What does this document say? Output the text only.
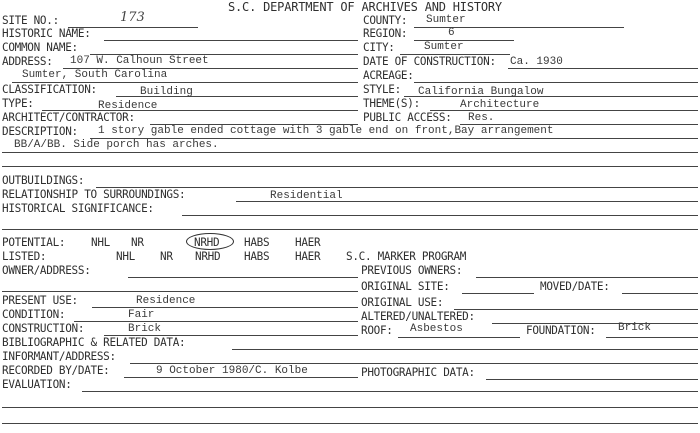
S.C. DEPARTMENT OF ARCHIVES AND HISTORY
SITE NO.:	173	COUNTY: Sumter
HISTORIC NAME:	REGION:	6
COMMON NAME:	CITY:	Sumter
ADDRESS: 107 W. Calhoun Street	DATE OF CONSTRUCTION: Ca. 1930
Sumter, South Carolina	ACREAGE:
CLASSIFICATION:	Building	STYLE: California Bungalow
TYPE:	Residence	THEME(S):	Architecture
ARCHITECT/CONTRACTOR:	PUBLIC ACCESS: Res.
DESCRIPTION: 1 story gable ended cottage with 3 gable end on front,Bay arrangement
BB/A/BB. Side porch has arches.
OUTBUILDINGS:
RELATIONSHIP TO SURROUNDINGS:	Residential
HISTORICAL SIGNIFICANCE:
POTENTIAL: NHL NR	NRHD HABS HAER
LISTED:	NHL NR NRHD HABS HAER S.C. MARKER PROGRAM
OWNER/ADDRESS:	PREVIOUS OWNERS:
ORIGINAL SITE:	MOVED/DATE:
PRESENT USE:	Residence	ORIGINAL USE:
CONDITION:	Fair	ALTERED/UNALTERED:
CONSTRUCTION:	Brick	ROOF: Asbestos	FOUNDATION: Brick
BIBLIOGRAPHIC & RELATED DATA:
INFORMANT/ADDRESS:
RECORDED BY/DATE:	9 October 1980/C. Kolbe	PHOTOGRAPHIC DATA:
EVALUATION:
